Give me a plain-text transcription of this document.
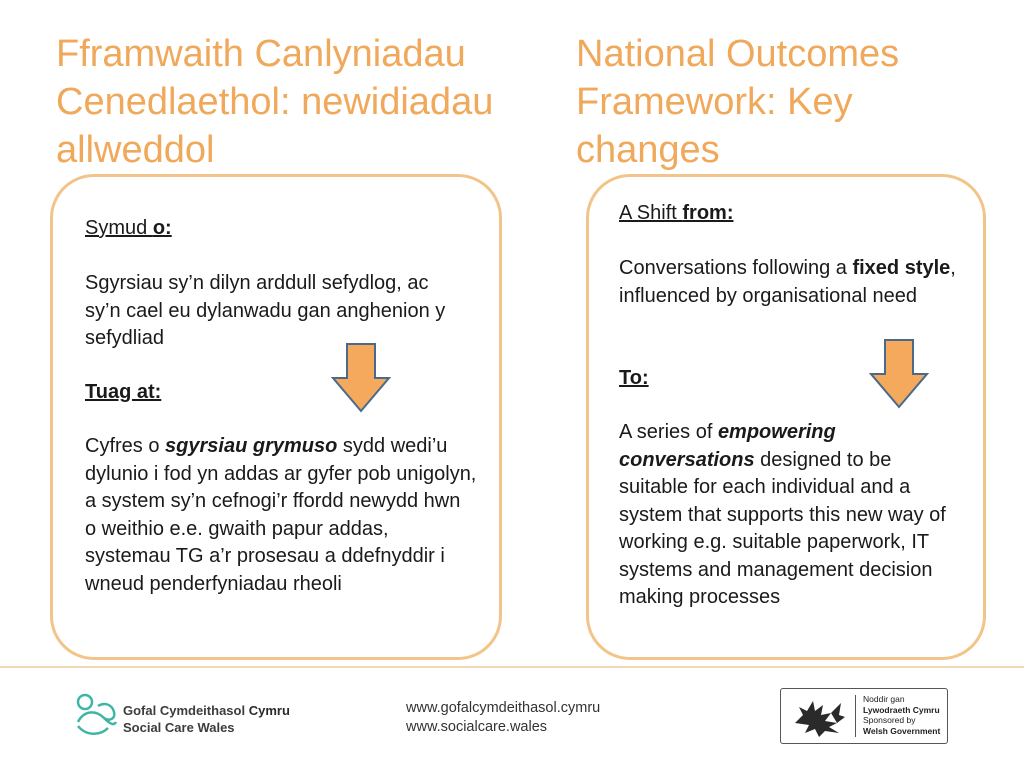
Fframwaith Canlyniadau Cenedlaethol: newidiadau allweddol
National Outcomes Framework: Key changes

Symud o:

Sgyrsiau sy’n dilyn arddull sefydlog, ac sy’n cael eu dylanwadu gan anghenion y sefydliad

Tuag at:

Cyfres o sgyrsiau grymuso sydd wedi’u dylunio i fod yn addas ar gyfer pob unigolyn, a system sy’n cefnogi’r ffordd newydd hwn o weithio e.e. gwaith papur addas, systemau TG a’r prosesau a ddefnyddir i wneud penderfyniadau rheoli

A Shift from:

Conversations following a fixed style, influenced by organisational need

To:

A series of empowering conversations designed to be suitable for each individual and a system that supports this new way of working e.g. suitable paperwork, IT systems and management decision making processes

Gofal Cymdeithasol Cymru
Social Care Wales
www.gofalcymdeithasol.cymru
www.socialcare.wales
Noddir gan
Lywodraeth Cymru
Sponsored by
Welsh Government
